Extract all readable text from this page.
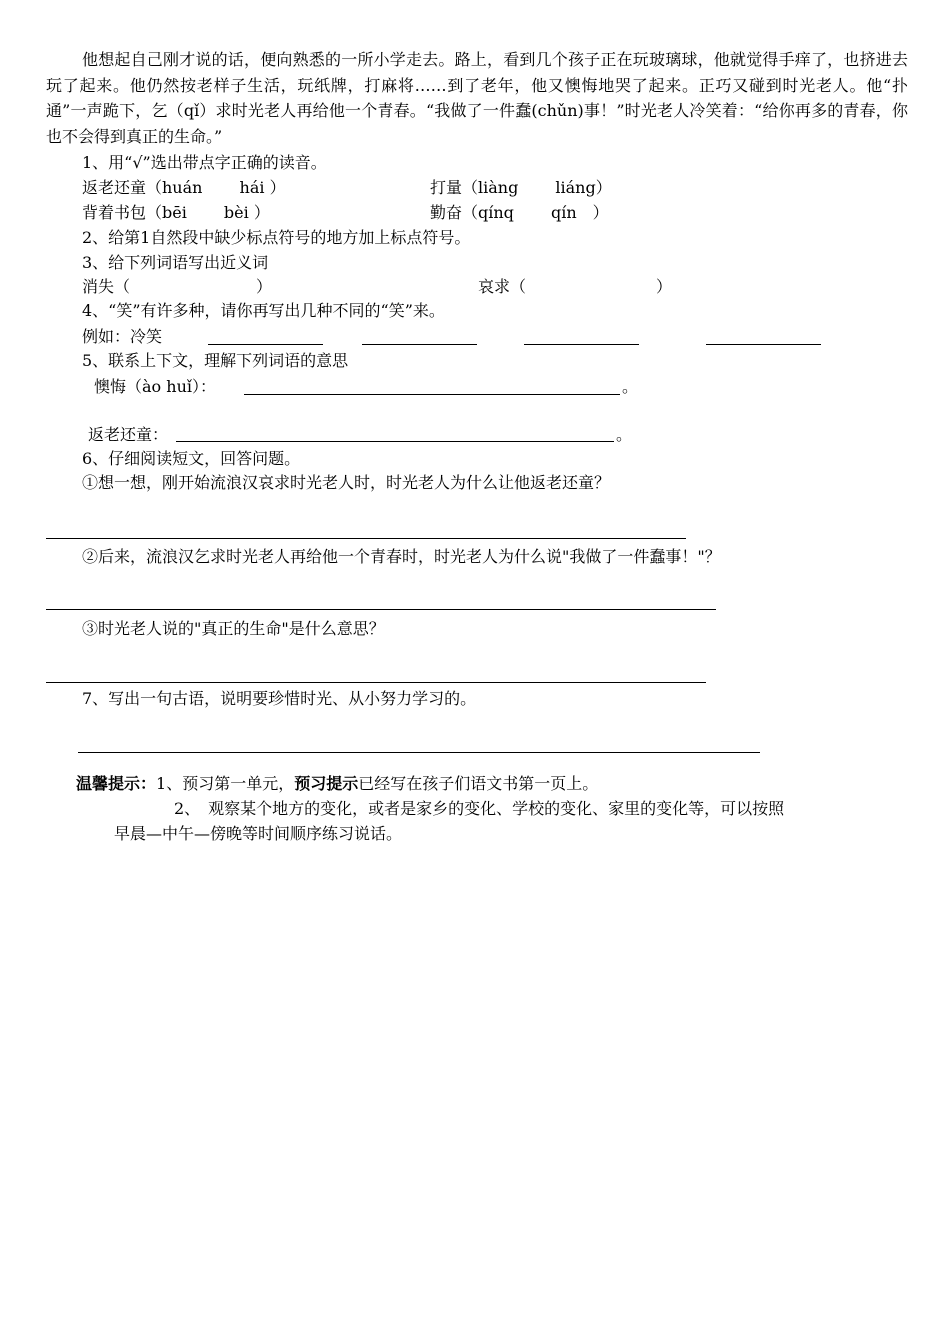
他想起自己刚才说的话，便向熟悉的一所小学走去。路上，看到几个孩子正在玩玻璃球，他就觉得手痒了，也挤进去玩了起来。他仍然按老样子生活，玩纸牌，打麻将……到了老年，他又懊悔地哭了起来。正巧又碰到时光老人。他“扑通”一声跪下，乞（qǐ）求时光老人再给他一个青春。“我做了一件蠢(chǔn)事！”时光老人冷笑着：“给你再多的青春，你也不会得到真正的生命。”
1、用“√”选出带点字正确的读音。
返老还童（huán　　 hái ）	打量（liàng　　 liáng）
背着书包（bēi　　 bèi ）	勤奋（qínq　　 qín　）
2、给第1自然段中缺少标点符号的地方加上标点符号。
3、给下列词语写出近义词
消失（	）	哀求（	）
4、“笑”有许多种，请你再写出几种不同的“笑”来。
例如：冷笑
5、联系上下文，理解下列词语的意思
懊悔（ào huǐ）：	。
返老还童：	。
6、仔细阅读短文，回答问题。
①想一想，刚开始流浪汉哀求时光老人时，时光老人为什么让他返老还童？
②后来，流浪汉乞求时光老人再给他一个青春时，时光老人为什么说"我做了一件蠢事！"？
③时光老人说的"真正的生命"是什么意思？
7、写出一句古语，说明要珍惜时光、从小努力学习的。
温馨提示：1、预习第一单元，预习提示已经写在孩子们语文书第一页上。
2、　观察某个地方的变化，或者是家乡的变化、学校的变化、家里的变化等，可以按照
早晨—中午—傍晚等时间顺序练习说话。
